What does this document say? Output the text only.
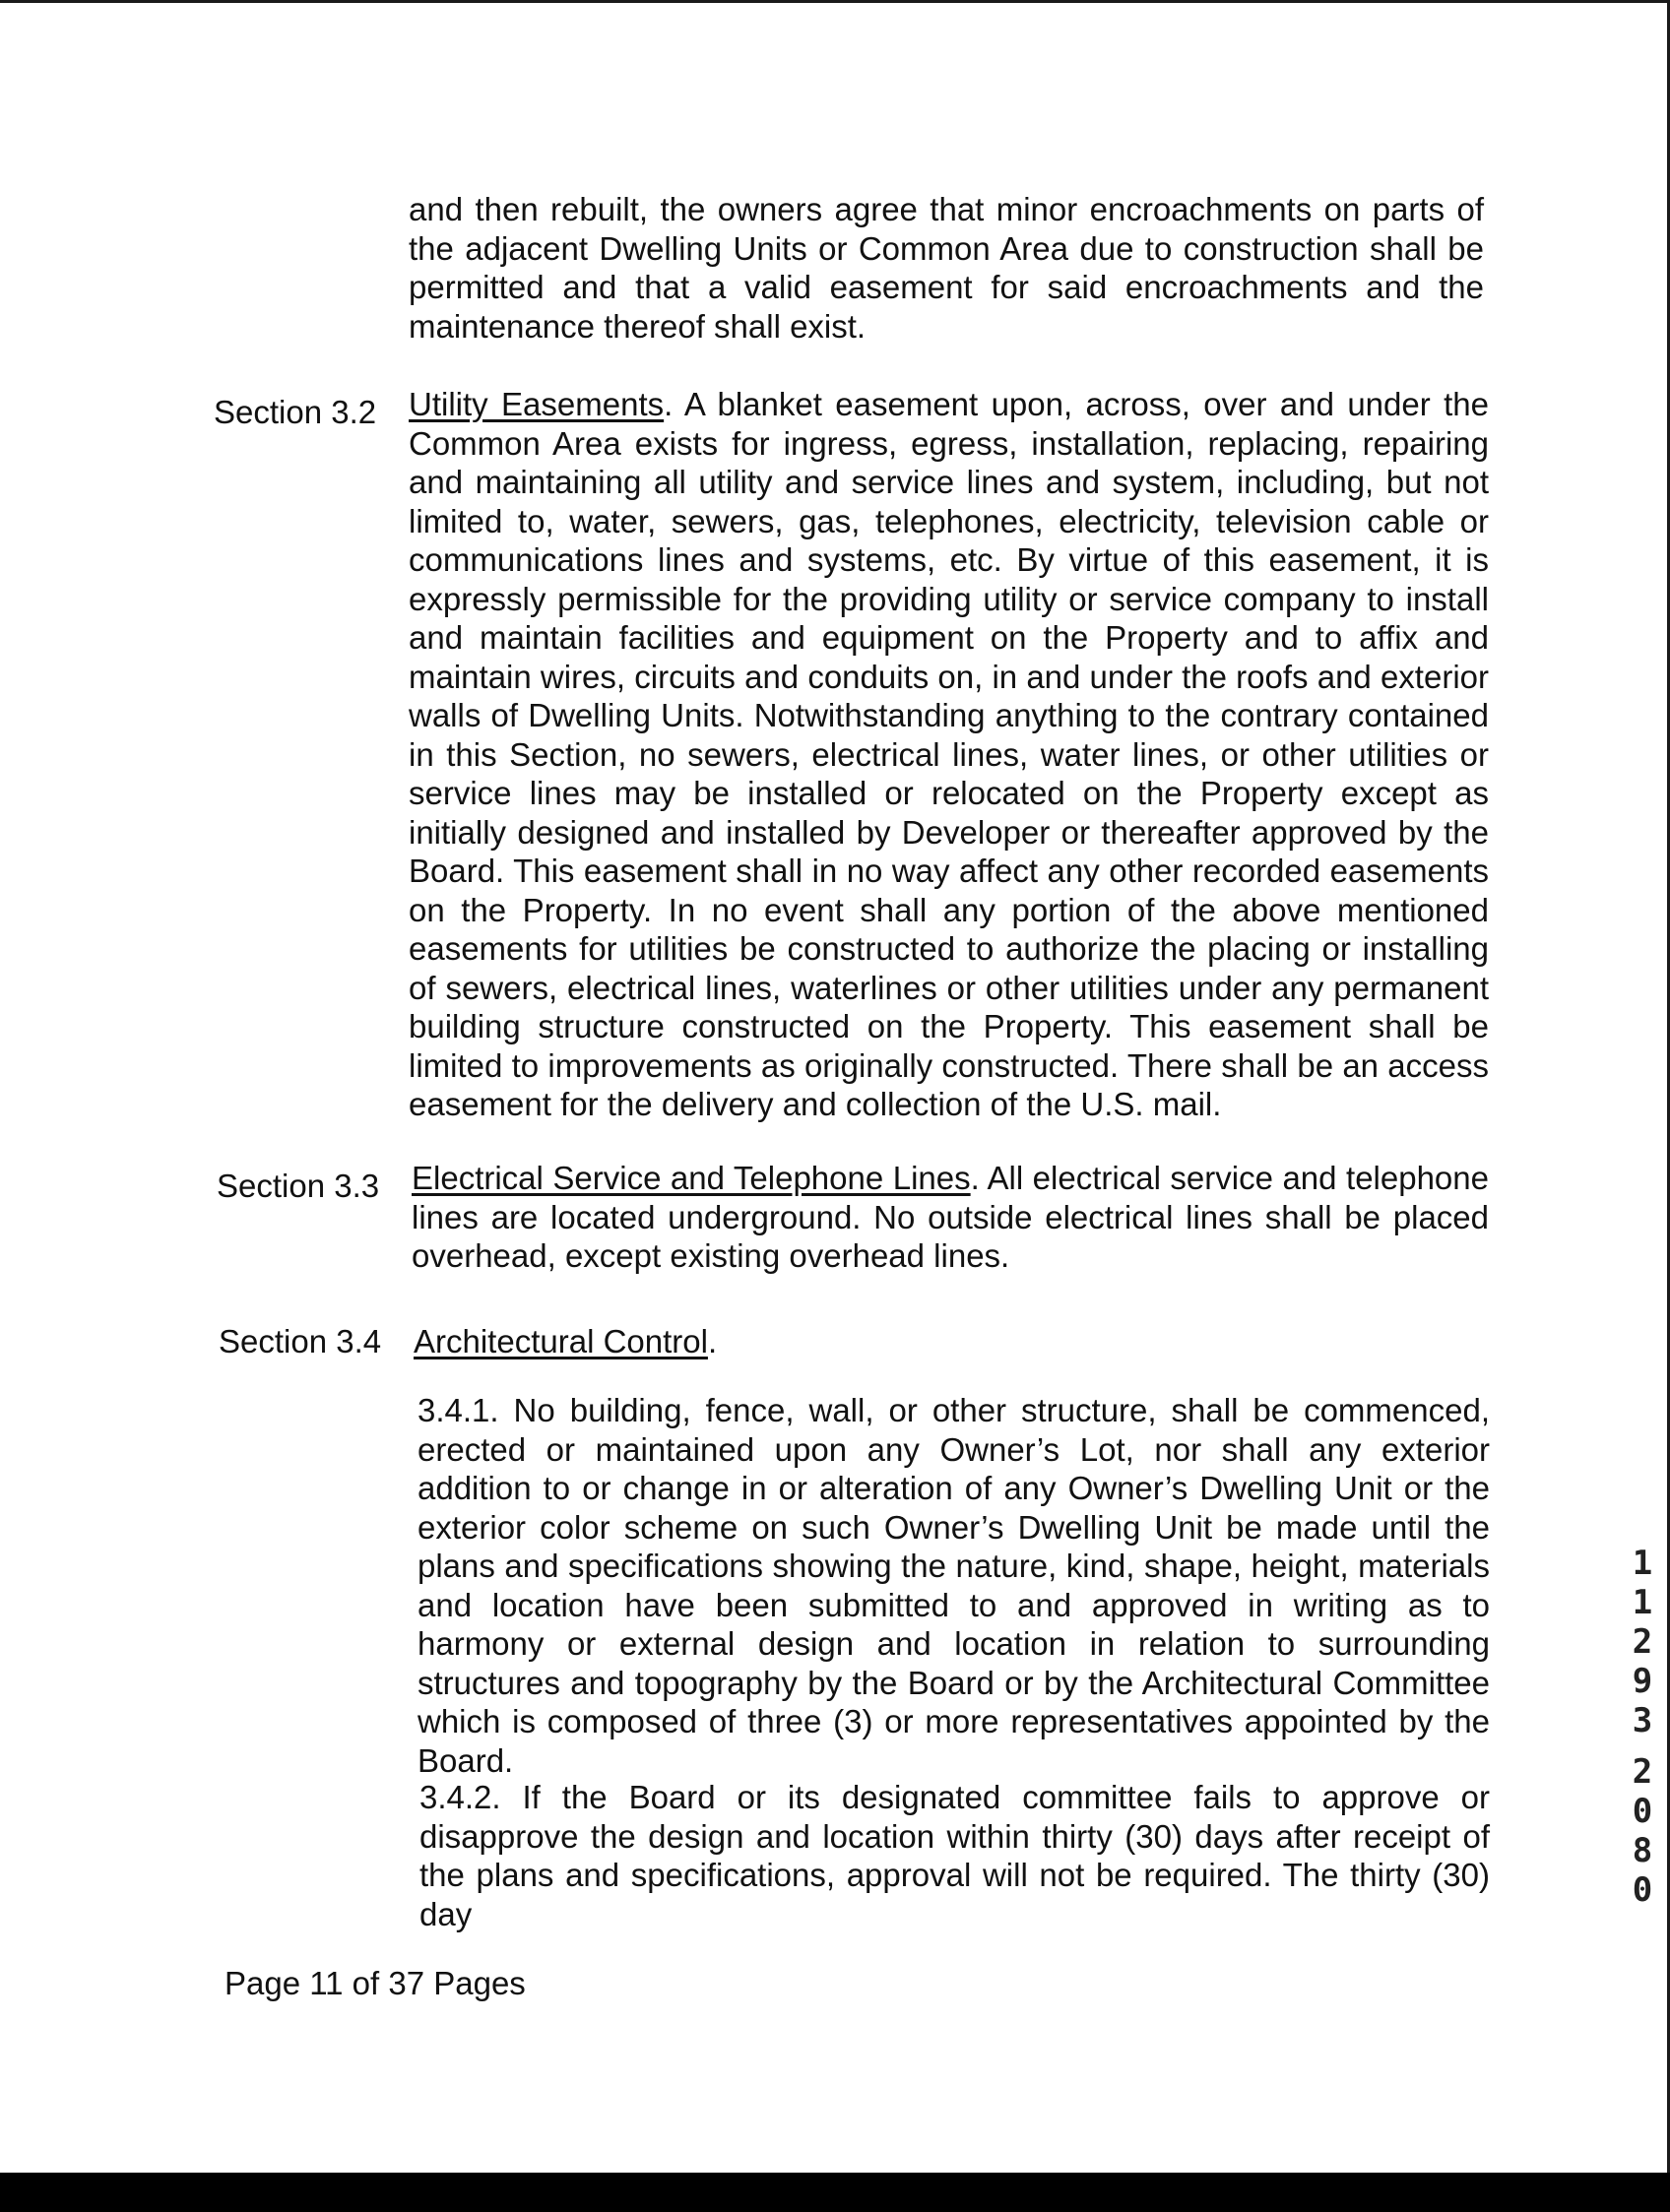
and then rebuilt, the owners agree that minor encroachments on parts of the adjacent Dwelling Units or Common Area due to construction shall be permitted and that a valid easement for said encroachments and the maintenance thereof shall exist.

Section 3.2 Utility Easements. A blanket easement upon, across, over and under the Common Area exists for ingress, egress, installation, replacing, repairing and maintaining all utility and service lines and system, including, but not limited to, water, sewers, gas, telephones, electricity, television cable or communications lines and systems, etc. By virtue of this easement, it is expressly permissible for the providing utility or service company to install and maintain facilities and equipment on the Property and to affix and maintain wires, circuits and conduits on, in and under the roofs and exterior walls of Dwelling Units. Notwithstanding anything to the contrary contained in this Section, no sewers, electrical lines, water lines, or other utilities or service lines may be installed or relocated on the Property except as initially designed and installed by Developer or thereafter approved by the Board. This easement shall in no way affect any other recorded easements on the Property. In no event shall any portion of the above mentioned easements for utilities be constructed to authorize the placing or installing of sewers, electrical lines, waterlines or other utilities under any permanent building structure constructed on the Property. This easement shall be limited to improvements as originally constructed. There shall be an access easement for the delivery and collection of the U.S. mail.

Section 3.3 Electrical Service and Telephone Lines. All electrical service and telephone lines are located underground. No outside electrical lines shall be placed overhead, except existing overhead lines.

Section 3.4 Architectural Control.

3.4.1. No building, fence, wall, or other structure, shall be commenced, erected or maintained upon any Owner’s Lot, nor shall any exterior addition to or change in or alteration of any Owner’s Dwelling Unit or the exterior color scheme on such Owner’s Dwelling Unit be made until the plans and specifications showing the nature, kind, shape, height, materials and location have been submitted to and approved in writing as to harmony or external design and location in relation to surrounding structures and topography by the Board or by the Architectural Committee which is composed of three (3) or more representatives appointed by the Board.

3.4.2. If the Board or its designated committee fails to approve or disapprove the design and location within thirty (30) days after receipt of the plans and specifications, approval will not be required. The thirty (30) day

Page 11 of 37 Pages

1
1
2
9
3
2
0
8
0
